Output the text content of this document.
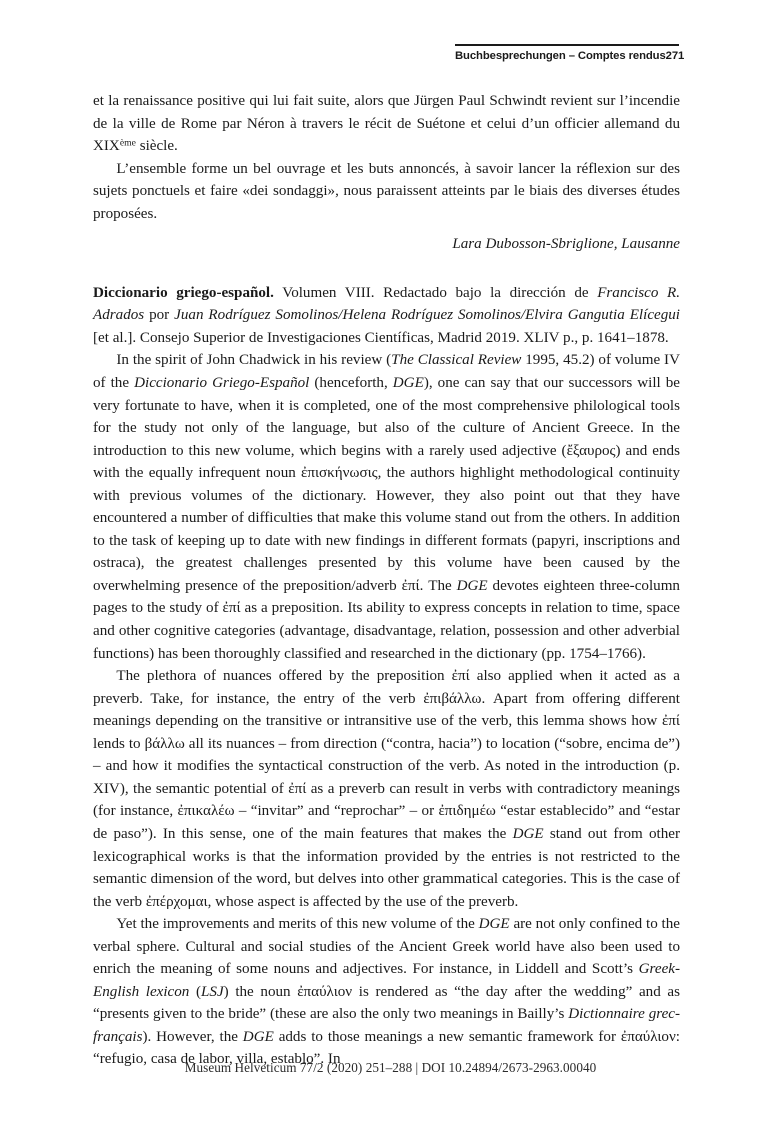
Buchbesprechungen – Comptes rendus 271

et la renaissance positive qui lui fait suite, alors que Jürgen Paul Schwindt revient sur l’incendie de la ville de Rome par Néron à travers le récit de Suétone et celui d’un officier allemand du XIXème siècle.

L’ensemble forme un bel ouvrage et les buts annoncés, à savoir lancer la réflexion sur des sujets ponctuels et faire «dei sondaggi», nous paraissent atteints par le biais des diverses études proposées.

Lara Dubosson-Sbriglione, Lausanne

Diccionario griego-español. Volumen VIII. Redactado bajo la dirección de Francisco R. Adrados por Juan Rodríguez Somolinos/Helena Rodríguez Somolinos/Elvira Gangutia Elícegui [et al.]. Consejo Superior de Investigaciones Científicas, Madrid 2019. XLIV p., p. 1641–1878.

In the spirit of John Chadwick in his review (The Classical Review 1995, 45.2) of volume IV of the Diccionario Griego-Español (henceforth, DGE), one can say that our successors will be very fortunate to have, when it is completed, one of the most comprehensive philological tools for the study not only of the language, but also of the culture of Ancient Greece. In the introduction to this new volume, which begins with a rarely used adjective (ἔξαυρος) and ends with the equally infrequent noun ἐπισκήνωσις, the authors highlight methodological continuity with previous volumes of the dictionary. However, they also point out that they have encountered a number of difficulties that make this volume stand out from the others. In addition to the task of keeping up to date with new findings in different formats (papyri, inscriptions and ostraca), the greatest challenges presented by this volume have been caused by the overwhelming presence of the preposition/adverb ἐπί. The DGE devotes eighteen three-column pages to the study of ἐπί as a preposition. Its ability to express concepts in relation to time, space and other cognitive categories (advantage, disadvantage, relation, possession and other adverbial functions) has been thoroughly classified and researched in the dictionary (pp. 1754–1766).

The plethora of nuances offered by the preposition ἐπί also applied when it acted as a preverb. Take, for instance, the entry of the verb ἐπιβάλλω. Apart from offering different meanings depending on the transitive or intransitive use of the verb, this lemma shows how ἐπί lends to βάλλω all its nuances – from direction (“contra, hacia”) to location (“sobre, encima de”) – and how it modifies the syntactical construction of the verb. As noted in the introduction (p. XIV), the semantic potential of ἐπί as a preverb can result in verbs with contradictory meanings (for instance, ἐπικαλέω – “invitar” and “reprochar” – or ἐπιδημέω “estar establecido” and “estar de paso”). In this sense, one of the main features that makes the DGE stand out from other lexicographical works is that the information provided by the entries is not restricted to the semantic dimension of the word, but delves into other grammatical categories. This is the case of the verb ἐπέρχομαι, whose aspect is affected by the use of the preverb.

Yet the improvements and merits of this new volume of the DGE are not only confined to the verbal sphere. Cultural and social studies of the Ancient Greek world have also been used to enrich the meaning of some nouns and adjectives. For instance, in Liddell and Scott’s Greek-English lexicon (LSJ) the noun ἐπαύλιον is rendered as “the day after the wedding” and as “presents given to the bride” (these are also the only two meanings in Bailly’s Dictionnaire grec-français). However, the DGE adds to those meanings a new semantic framework for ἐπαύλιον: “refugio, casa de labor, villa, establo”. In

Museum Helveticum 77/2 (2020) 251–288 | DOI 10.24894/2673-2963.00040
